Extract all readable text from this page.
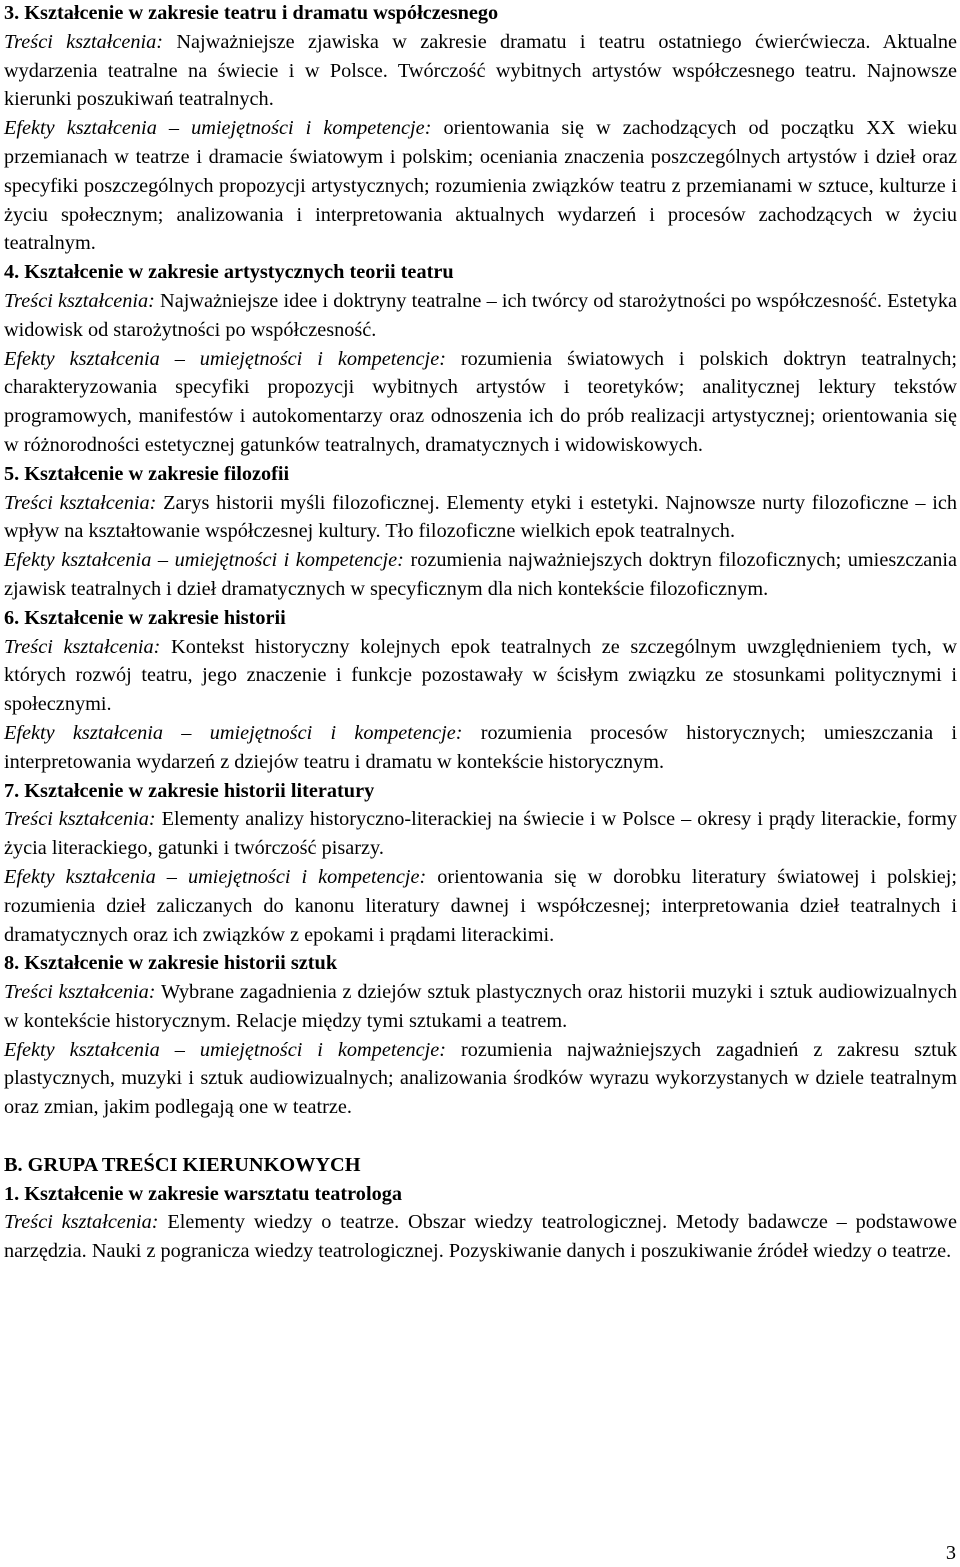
3. Kształcenie w zakresie teatru i dramatu współczesnego

Treści kształcenia: Najważniejsze zjawiska w zakresie dramatu i teatru ostatniego ćwierćwiecza. Aktualne wydarzenia teatralne na świecie i w Polsce. Twórczość wybitnych artystów współczesnego teatru. Najnowsze kierunki poszukiwań teatralnych.

Efekty kształcenia – umiejętności i kompetencje: orientowania się w zachodzących od początku XX wieku przemianach w teatrze i dramacie światowym i polskim; oceniania znaczenia poszczególnych artystów i dzieł oraz specyfiki poszczególnych propozycji artystycznych; rozumienia związków teatru z przemianami w sztuce, kulturze i życiu społecznym; analizowania i interpretowania aktualnych wydarzeń i procesów zachodzących w życiu teatralnym.

4. Kształcenie w zakresie artystycznych teorii teatru

Treści kształcenia: Najważniejsze idee i doktryny teatralne – ich twórcy od starożytności po współczesność. Estetyka widowisk od starożytności po współczesność.

Efekty kształcenia – umiejętności i kompetencje: rozumienia światowych i polskich doktryn teatralnych; charakteryzowania specyfiki propozycji wybitnych artystów i teoretyków; analitycznej lektury tekstów programowych, manifestów i autokomentarzy oraz odnoszenia ich do prób realizacji artystycznej; orientowania się w różnorodności estetycznej gatunków teatralnych, dramatycznych i widowiskowych.

5. Kształcenie w zakresie filozofii

Treści kształcenia: Zarys historii myśli filozoficznej. Elementy etyki i estetyki. Najnowsze nurty filozoficzne – ich wpływ na kształtowanie współczesnej kultury. Tło filozoficzne wielkich epok teatralnych.

Efekty kształcenia – umiejętności i kompetencje: rozumienia najważniejszych doktryn filozoficznych; umieszczania zjawisk teatralnych i dzieł dramatycznych w specyficznym dla nich kontekście filozoficznym.

6. Kształcenie w zakresie historii

Treści kształcenia: Kontekst historyczny kolejnych epok teatralnych ze szczególnym uwzględnieniem tych, w których rozwój teatru, jego znaczenie i funkcje pozostawały w ścisłym związku ze stosunkami politycznymi i społecznymi.

Efekty kształcenia – umiejętności i kompetencje: rozumienia procesów historycznych; umieszczania i interpretowania wydarzeń z dziejów teatru i dramatu w kontekście historycznym.

7. Kształcenie w zakresie historii literatury

Treści kształcenia: Elementy analizy historyczno-literackiej na świecie i w Polsce – okresy i prądy literackie, formy życia literackiego, gatunki i twórczość pisarzy.

Efekty kształcenia – umiejętności i kompetencje: orientowania się w dorobku literatury światowej i polskiej; rozumienia dzieł zaliczanych do kanonu literatury dawnej i współczesnej; interpretowania dzieł teatralnych i dramatycznych oraz ich związków z epokami i prądami literackimi.

8. Kształcenie w zakresie historii sztuk

Treści kształcenia: Wybrane zagadnienia z dziejów sztuk plastycznych oraz historii muzyki i sztuk audiowizualnych w kontekście historycznym. Relacje między tymi sztukami a teatrem.

Efekty kształcenia – umiejętności i kompetencje: rozumienia najważniejszych zagadnień z zakresu sztuk plastycznych, muzyki i sztuk audiowizualnych; analizowania środków wyrazu wykorzystanych w dziele teatralnym oraz zmian, jakim podlegają one w teatrze.

B. GRUPA TREŚCI KIERUNKOWYCH
1. Kształcenie w zakresie warsztatu teatrologa

Treści kształcenia: Elementy wiedzy o teatrze. Obszar wiedzy teatrologicznej. Metody badawcze – podstawowe narzędzia. Nauki z pogranicza wiedzy teatrologicznej. Pozyskiwanie danych i poszukiwanie źródeł wiedzy o teatrze.

3
